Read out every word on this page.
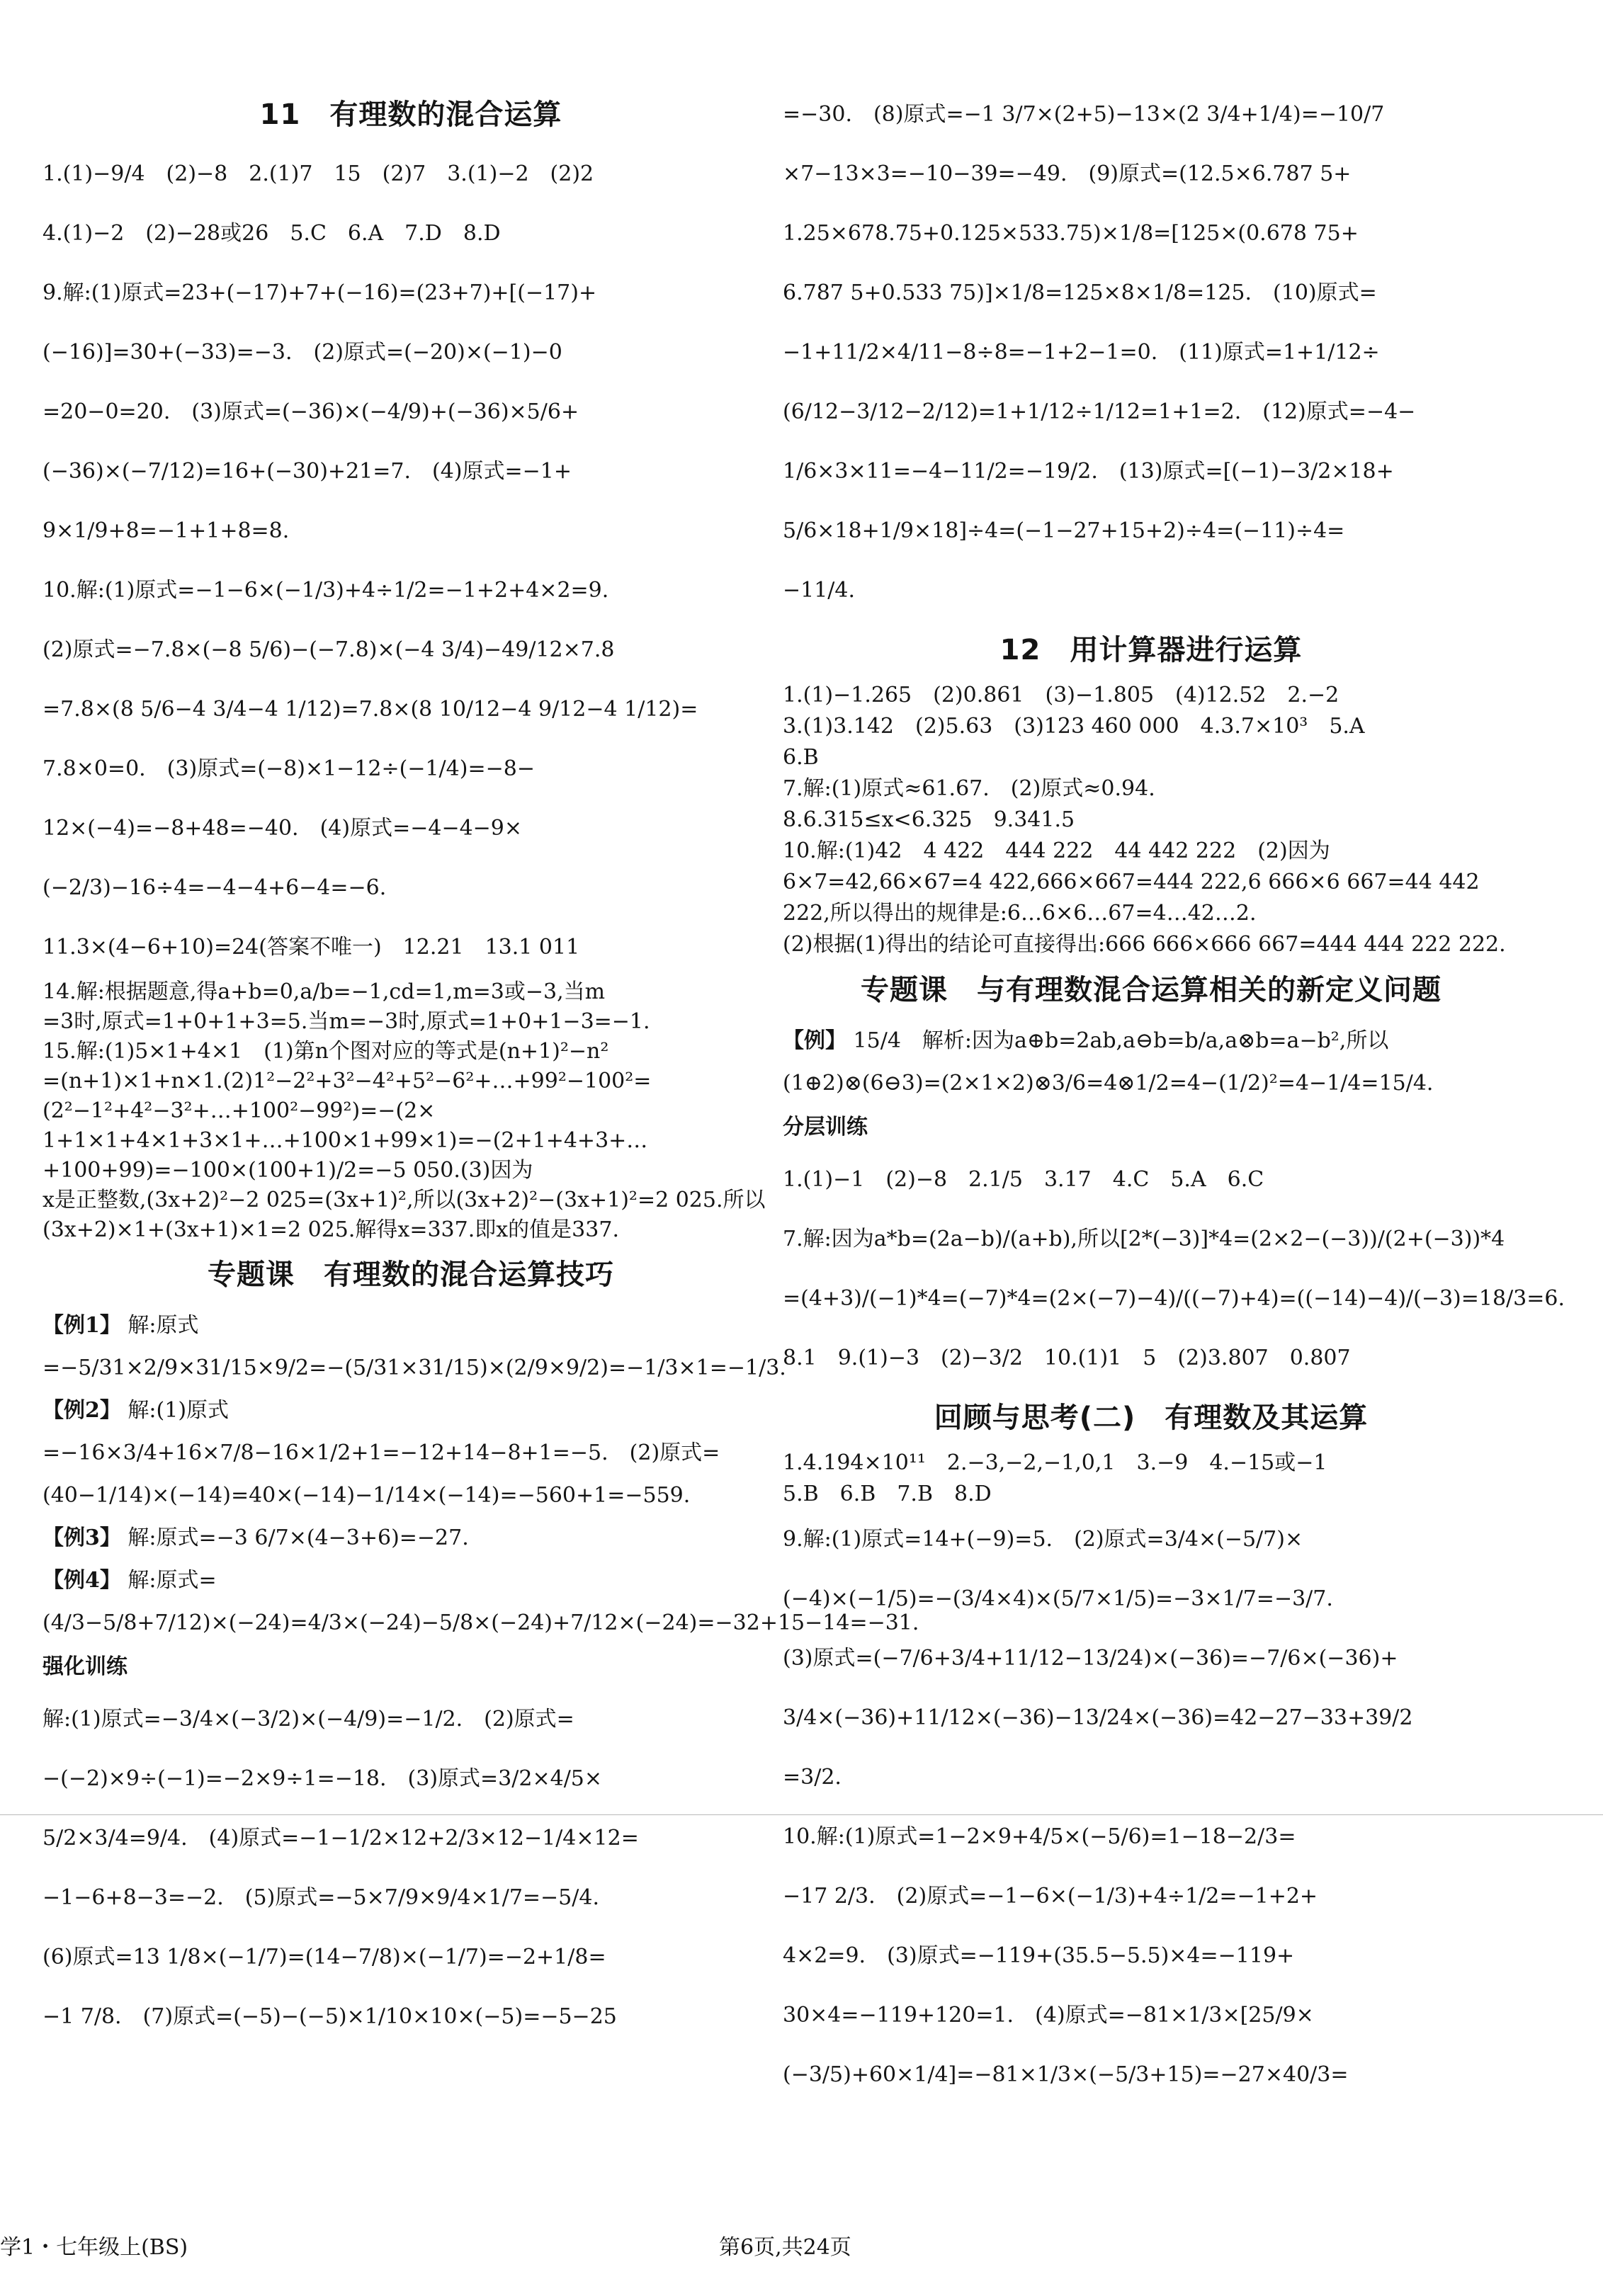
11　有理数的混合运算
1.(1)−9/4　(2)−8　2.(1)7　15　(2)7　3.(1)−2　(2)2
4.(1)−2　(2)−28或26　5.C　6.A　7.D　8.D
9.解:(1)原式=23+(−17)+7+(−16)=(23+7)+[(−17)+
(−16)]=30+(−33)=−3.　(2)原式=(−20)×(−1)−0
=20−0=20.　(3)原式=(−36)×(−4/9)+(−36)×5/6+
(−36)×(−7/12)=16+(−30)+21=7.　(4)原式=−1+
9×1/9+8=−1+1+8=8.
10.解:(1)原式=−1−6×(−1/3)+4÷1/2=−1+2+4×2=9.
(2)原式=−7.8×(−8 5/6)−(−7.8)×(−4 3/4)−49/12×7.8
=7.8×(8 5/6−4 3/4−4 1/12)=7.8×(8 10/12−4 9/12−4 1/12)=
7.8×0=0.　(3)原式=(−8)×1−12÷(−1/4)=−8−
12×(−4)=−8+48=−40.　(4)原式=−4−4−9×
(−2/3)−16÷4=−4−4+6−4=−6.
11.3×(4−6+10)=24(答案不唯一)　12.21　13.1 011
14.解:根据题意,得a+b=0,a/b=−1,cd=1,m=3或−3,当m
=3时,原式=1+0+1+3=5.当m=−3时,原式=1+0+1−3=−1.
15.解:(1)5×1+4×1　(1)第n个图对应的等式是(n+1)²−n²
=(n+1)×1+n×1.(2)1²−2²+3²−4²+5²−6²+…+99²−100²=(2²−1²+4²−3²+…+100²−99²)=−(2×
1+1×1+4×1+3×1+…+100×1+99×1)=−(2+1+4+3+…+100+99)=−100×(100+1)/2=−5 050.(3)因为
x是正整数,(3x+2)²−2 025=(3x+1)²,所以(3x+2)²−(3x+1)²=2 025.所以(3x+2)×1+(3x+1)×1=2 025.解得x=337.即x的值是337.
专题课　有理数的混合运算技巧
【例1】 解:原式=−5/31×2/9×31/15×9/2=−(5/31×31/15)×(2/9×9/2)=−1/3×1=−1/3.
【例2】 解:(1)原式=−16×3/4+16×7/8−16×1/2+1=−12+14−8+1=−5.　(2)原式=(40−1/14)×(−14)=40×(−14)−1/14×(−14)=−560+1=−559.
【例3】 解:原式=−3 6/7×(4−3+6)=−27.
【例4】 解:原式=(4/3−5/8+7/12)×(−24)=4/3×(−24)−5/8×(−24)+7/12×(−24)=−32+15−14=−31.
强化训练
解:(1)原式=−3/4×(−3/2)×(−4/9)=−1/2.　(2)原式=
−(−2)×9÷(−1)=−2×9÷1=−18.　(3)原式=3/2×4/5×
5/2×3/4=9/4.　(4)原式=−1−1/2×12+2/3×12−1/4×12=
−1−6+8−3=−2.　(5)原式=−5×7/9×9/4×1/7=−5/4.
(6)原式=13 1/8×(−1/7)=(14−7/8)×(−1/7)=−2+1/8=
−1 7/8.　(7)原式=(−5)−(−5)×1/10×10×(−5)=−5−25
=−30.　(8)原式=−1 3/7×(2+5)−13×(2 3/4+1/4)=−10/7
×7−13×3=−10−39=−49.　(9)原式=(12.5×6.787 5+
1.25×678.75+0.125×533.75)×1/8=[125×(0.678 75+
6.787 5+0.533 75)]×1/8=125×8×1/8=125.　(10)原式=
−1+11/2×4/11−8÷8=−1+2−1=0.　(11)原式=1+1/12÷
(6/12−3/12−2/12)=1+1/12÷1/12=1+1=2.　(12)原式=−4−
1/6×3×11=−4−11/2=−19/2.　(13)原式=[(−1)−3/2×18+
5/6×18+1/9×18]÷4=(−1−27+15+2)÷4=(−11)÷4=
−11/4.
12　用计算器进行运算
1.(1)−1.265　(2)0.861　(3)−1.805　(4)12.52　2.−2
3.(1)3.142　(2)5.63　(3)123 460 000　4.3.7×10³　5.A
6.B
7.解:(1)原式≈61.67.　(2)原式≈0.94.
8.6.315≤x<6.325　9.341.5
10.解:(1)42　4 422　444 222　44 442 222　(2)因为6×7=42,66×67=4 422,666×667=444 222,6 666×6 667=44 442 222,所以得出的规律是:6…6×6…67=4…42…2.
(2)根据(1)得出的结论可直接得出:666 666×666 667=444 444 222 222.
专题课　与有理数混合运算相关的新定义问题
【例】 15/4　解析:因为a⊕b=2ab,a⊖b=b/a,a⊗b=a−b²,所以(1⊕2)⊗(6⊖3)=(2×1×2)⊗3/6=4⊗1/2=4−(1/2)²=4−1/4=15/4.
分层训练
1.(1)−1　(2)−8　2.1/5　3.17　4.C　5.A　6.C
7.解:因为a*b=(2a−b)/(a+b),所以[2*(−3)]*4=(2×2−(−3))/(2+(−3))*4
=(4+3)/(−1)*4=(−7)*4=(2×(−7)−4)/((−7)+4)=((−14)−4)/(−3)=18/3=6.
8.1　9.(1)−3　(2)−3/2　10.(1)1　5　(2)3.807　0.807
回顾与思考(二)　有理数及其运算
1.4.194×10¹¹　2.−3,−2,−1,0,1　3.−9　4.−15或−1
5.B　6.B　7.B　8.D
9.解:(1)原式=14+(−9)=5.　(2)原式=3/4×(−5/7)×
(−4)×(−1/5)=−(3/4×4)×(5/7×1/5)=−3×1/7=−3/7.
(3)原式=(−7/6+3/4+11/12−13/24)×(−36)=−7/6×(−36)+
3/4×(−36)+11/12×(−36)−13/24×(−36)=42−27−33+39/2
=3/2.
10.解:(1)原式=1−2×9+4/5×(−5/6)=1−18−2/3=
−17 2/3.　(2)原式=−1−6×(−1/3)+4÷1/2=−1+2+
4×2=9.　(3)原式=−119+(35.5−5.5)×4=−119+
30×4=−119+120=1.　(4)原式=−81×1/3×[25/9×
(−3/5)+60×1/4]=−81×1/3×(−5/3+15)=−27×40/3=
学1・七年级上(BS)	第6页,共24页
